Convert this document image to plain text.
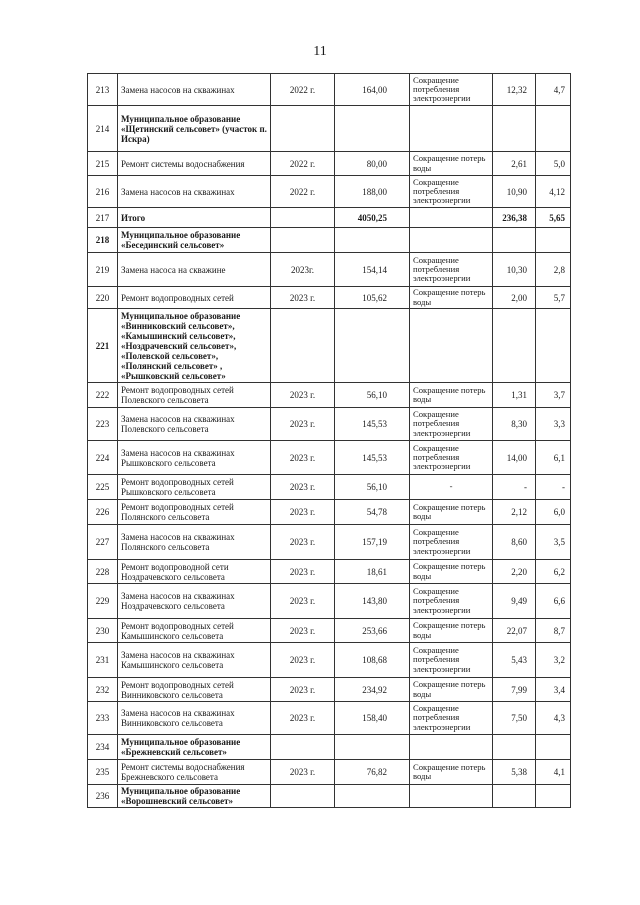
11
213	Замена насосов на скважинах	2022 г.	164,00	Сокращение потребления электроэнергии	12,32	4,7
214	Муниципальное образование «Щетинский сельсовет» (участок п. Искра)					
215	Ремонт системы водоснабжения	2022 г.	80,00	Сокращение потерь воды	2,61	5,0
216	Замена насосов на скважинах	2022 г.	188,00	Сокращение потребления электроэнергии	10,90	4,12
217	Итого		4050,25		236,38	5,65
218	Муниципальное образование «Бесединский сельсовет»					
219	Замена насоса на скважине	2023г.	154,14	Сокращение потребления электроэнергии	10,30	2,8
220	Ремонт водопроводных сетей	2023 г.	105,62	Сокращение потерь воды	2,00	5,7
221	Муниципальное образование «Винниковский сельсовет», «Камышинский сельсовет», «Ноздрачевский сельсовет», «Полевской сельсовет», «Полянский сельсовет» , «Рышковский сельсовет»					
222	Ремонт водопроводных сетей Полевского сельсовета	2023 г.	56,10	Сокращение потерь воды	1,31	3,7
223	Замена насосов на скважинах Полевского сельсовета	2023 г.	145,53	Сокращение потребления электроэнергии	8,30	3,3
224	Замена насосов на скважинах Рышковского сельсовета	2023 г.	145,53	Сокращение потребления электроэнергии	14,00	6,1
225	Ремонт водопроводных сетей Рышковского сельсовета	2023 г.	56,10	-	-	-
226	Ремонт водопроводных сетей Полянского сельсовета	2023 г.	54,78	Сокращение потерь воды	2,12	6,0
227	Замена насосов на скважинах Полянского сельсовета	2023 г.	157,19	Сокращение потребления электроэнергии	8,60	3,5
228	Ремонт водопроводной сети Ноздрачевского сельсовета	2023 г.	18,61	Сокращение потерь воды	2,20	6,2
229	Замена насосов на скважинах Ноздрачевского сельсовета	2023 г.	143,80	Сокращение потребления электроэнергии	9,49	6,6
230	Ремонт водопроводных сетей Камышинского сельсовета	2023 г.	253,66	Сокращение потерь воды	22,07	8,7
231	Замена насосов на скважинах Камышинского сельсовета	2023 г.	108,68	Сокращение потребления электроэнергии	5,43	3,2
232	Ремонт водопроводных сетей Винниковского сельсовета	2023 г.	234,92	Сокращение потерь воды	7,99	3,4
233	Замена насосов на скважинах Винниковского сельсовета	2023 г.	158,40	Сокращение потребления электроэнергии	7,50	4,3
234	Муниципальное образование «Брежневский сельсовет»					
235	Ремонт системы водоснабжения Брежневского сельсовета	2023 г.	76,82	Сокращение потерь воды	5,38	4,1
236	Муниципальное образование «Ворошневский сельсовет»					
